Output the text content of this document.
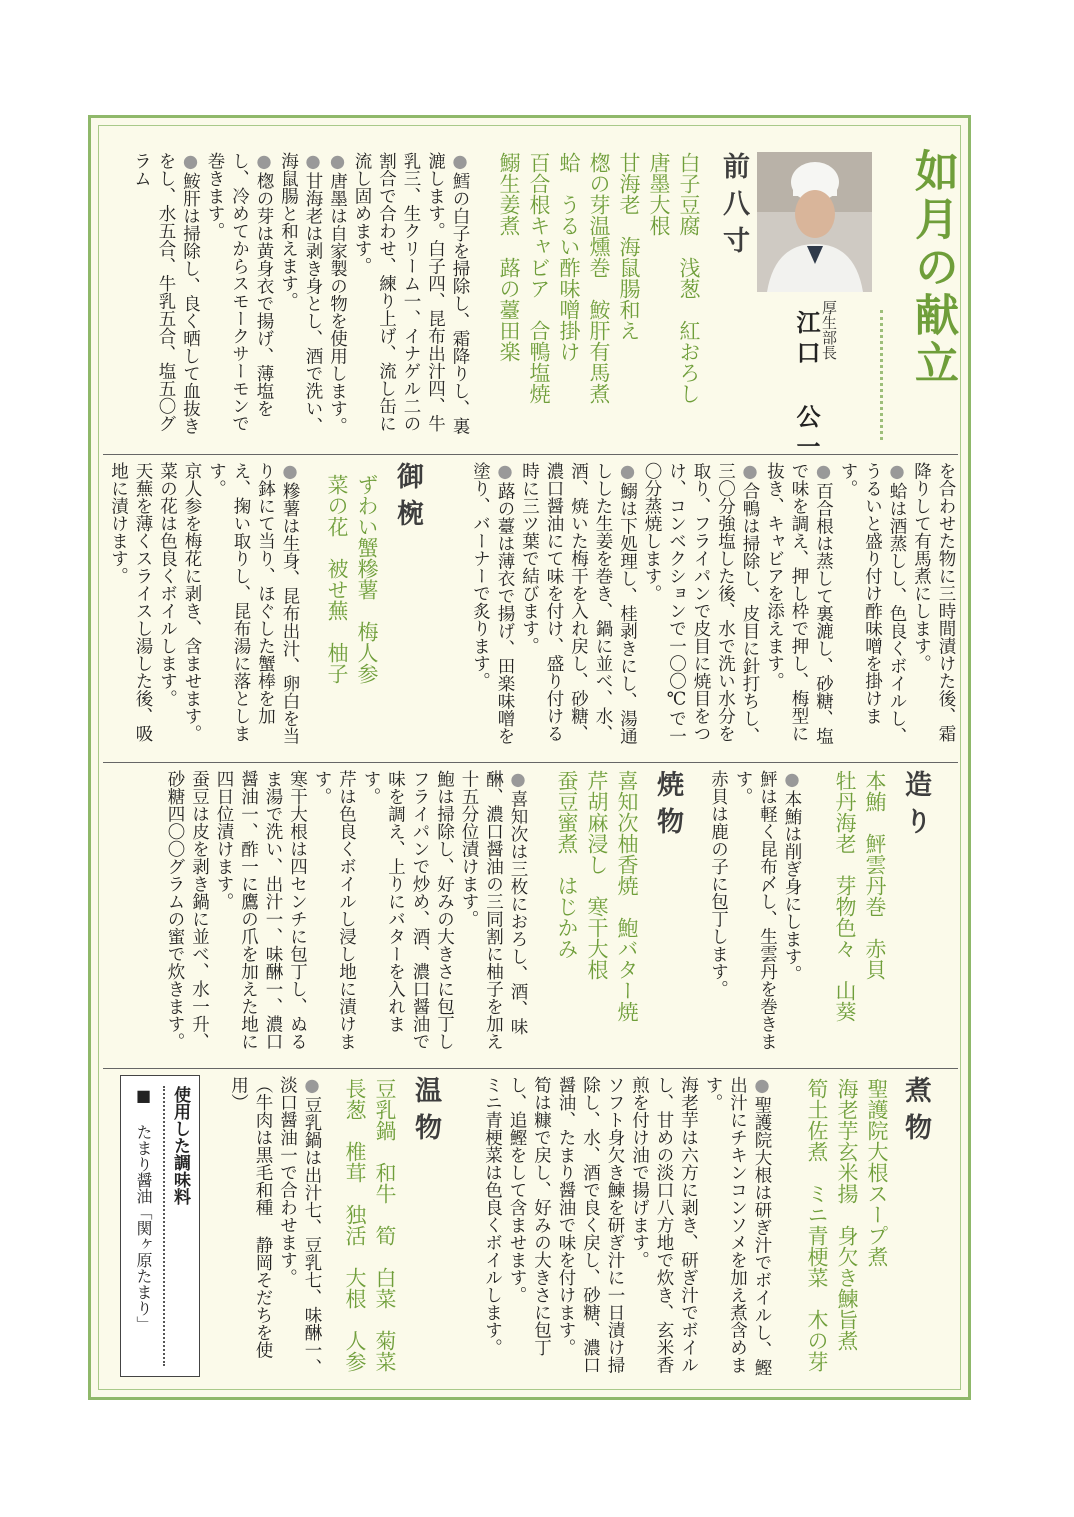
如月の献立
厚生部長
江口 公一
前八寸

白子豆腐　浅葱　紅おろし

唐墨大根

甘海老　海鼠腸和え

楤の芽温燻巻　鮟肝有馬煮

蛤　うるい酢味噌掛け

百合根キャビア　合鴨塩焼

鰯生姜煮　蕗の薹田楽

● 鱈の白子を掃除し、霜降りし、裏漉します。白子四、昆布出汁四、牛乳三、生クリーム一、イナゲル二の割合で合わせ、練り上げ、流し缶に流し固めます。

● 唐墨は自家製の物を使用します。

● 甘海老は剥き身とし、酒で洗い、海鼠腸と和えます。

● 楤の芽は黄身衣で揚げ、薄塩をし、冷めてからスモークサーモンで巻きます。

● 鮟肝は掃除し、良く晒して血抜きをし、水五合、牛乳五合、塩五〇グラム

を合わせた物に三時間漬けた後、霜降りして有馬煮にします。

● 蛤は酒蒸しし、色良くボイルし、うるいと盛り付け酢味噌を掛けます。

● 百合根は蒸して裏漉し、砂糖、塩で味を調え、押し枠で押し、梅型に抜き、キャビアを添えます。

● 合鴨は掃除し、皮目に針打ちし、三〇分強塩した後、水で洗い水分を取り、フライパンで皮目に焼目をつけ、コンベクションで一〇〇℃で一〇分蒸焼します。

● 鰯は下処理し、桂剥きにし、湯通しした生姜を巻き、鍋に並べ、水、酒、焼いた梅干を入れ戻し、砂糖、濃口醤油にて味を付け、盛り付ける時に三ツ葉で結びます。

● 蕗の薹は薄衣で揚げ、田楽味噌を塗り、バーナーで炙ります。

御椀

ずわい蟹糝薯　梅人参

菜の花　被せ蕪　柚子

● 糝薯は生身、昆布出汁、卵白を当り鉢にて当り、ほぐした蟹棒を加え、掬い取りし、昆布湯に落とします。

京人参を梅花に剥き、含ませます。

菜の花は色良くボイルします。

天蕪を薄くスライスし湯した後、吸地に漬けます。

造り

本鮪　鮃雲丹巻　赤貝

牡丹海老　芽物色々　山葵

● 本鮪は削ぎ身にします。

鮃は軽く昆布〆し、生雲丹を巻きます。

赤貝は鹿の子に包丁します。

焼物

喜知次柚香焼　鮑バター焼

芹胡麻浸し　寒干大根

蚕豆蜜煮　はじかみ

● 喜知次は三枚におろし、酒、味醂、濃口醤油の三同割に柚子を加え十五分位漬けます。

鮑は掃除し、好みの大きさに包丁しフライパンで炒め、酒、濃口醤油で味を調え、上りにバターを入れます。

芹は色良くボイルし浸し地に漬けます。

寒干大根は四センチに包丁し、ぬるま湯で洗い、出汁一、味醂一、濃口醤油一、酢一に鷹の爪を加えた地に四日位漬けます。

蚕豆は皮を剥き鍋に並べ、水一升、砂糖四〇〇グラムの蜜で炊きます。

煮物

聖護院大根スープ煮

海老芋玄米揚　身欠き鰊旨煮

筍土佐煮　ミニ青梗菜　木の芽

● 聖護院大根は研ぎ汁でボイルし、鰹出汁にチキンコンソメを加え煮含めます。

海老芋は六方に剥き、研ぎ汁でボイルし、甘めの淡口八方地で炊き、玄米香煎を付け油で揚げます。

ソフト身欠き鰊を研ぎ汁に一日漬け掃除し、水、酒で良く戻し、砂糖、濃口醤油、たまり醤油で味を付けます。

筍は糠で戻し、好みの大きさに包丁し、追鰹をして含ませます。

ミニ青梗菜は色良くボイルします。

温物

豆乳鍋　和牛　筍　白菜　菊菜

長葱　椎茸　独活　大根　人参

● 豆乳鍋は出汁七、豆乳七、味醂一、淡口醤油一で合わせます。

（牛肉は黒毛和種 静岡そだちを使用）

使用した調味料
■ たまり醤油「関ヶ原たまり」
